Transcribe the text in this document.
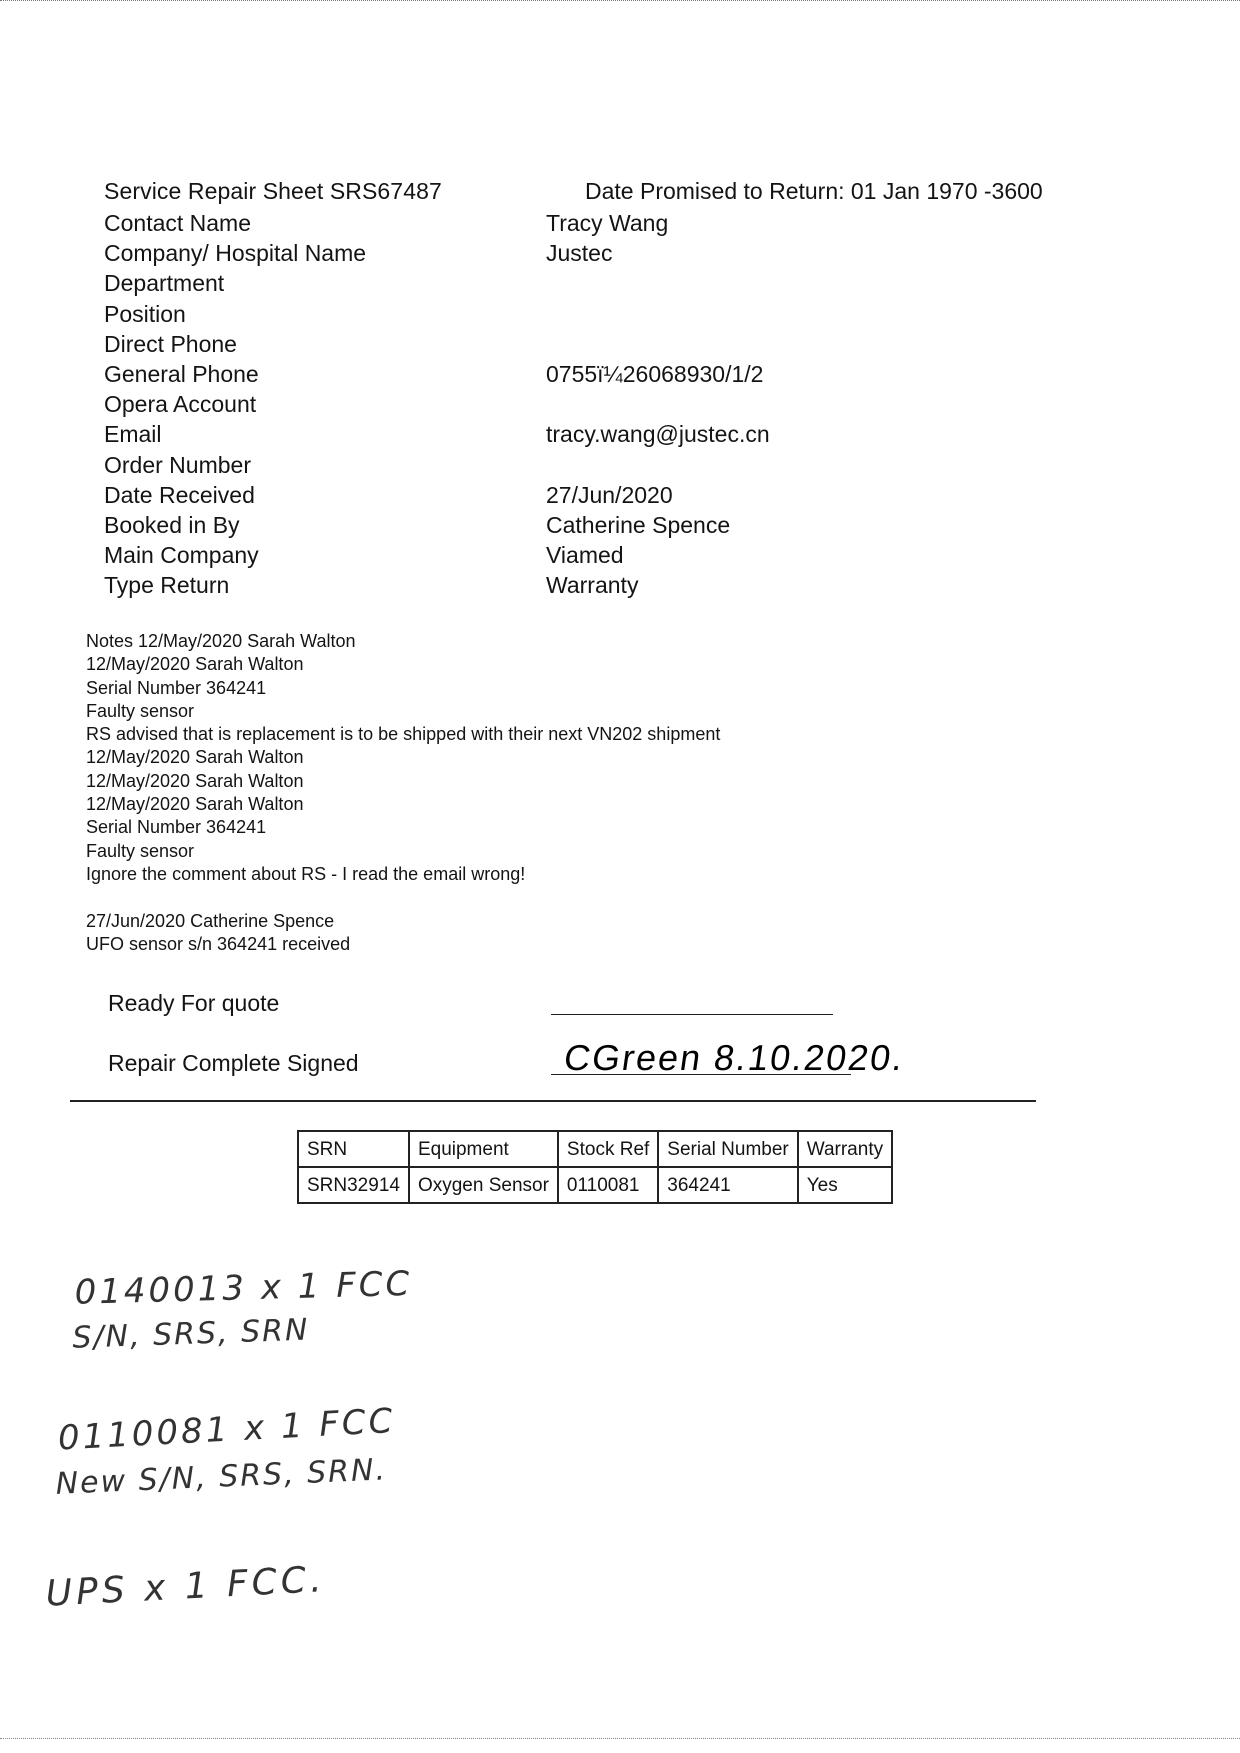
Service Repair Sheet SRS67487	Date Promised to Return: 01 Jan 1970 -3600
Contact Name	Tracy Wang
Company/ Hospital Name	Justec
Department
Position
Direct Phone
General Phone	0755ï¼26068930/1/2
Opera Account
Email	tracy.wang@justec.cn
Order Number
Date Received	27/Jun/2020
Booked in By	Catherine Spence
Main Company	Viamed
Type Return	Warranty
Notes 12/May/2020 Sarah Walton
12/May/2020 Sarah Walton
Serial Number 364241
Faulty sensor
RS advised that is replacement is to be shipped with their next VN202 shipment
12/May/2020 Sarah Walton
12/May/2020 Sarah Walton
12/May/2020 Sarah Walton
Serial Number 364241
Faulty sensor
Ignore the comment about RS - I read the email wrong!
27/Jun/2020 Catherine Spence
UFO sensor s/n 364241 received
Ready For quote
Repair Complete Signed	CGreen 8.10.2020.
SRN	Equipment	Stock Ref	Serial Number	Warranty
SRN32914	Oxygen Sensor	0110081	364241	Yes
0140013 x 1 FCC
S/N, SRS, SRN
0110081 x 1 FCC
New S/N, SRS, SRN.
UPS x 1 FCC.
